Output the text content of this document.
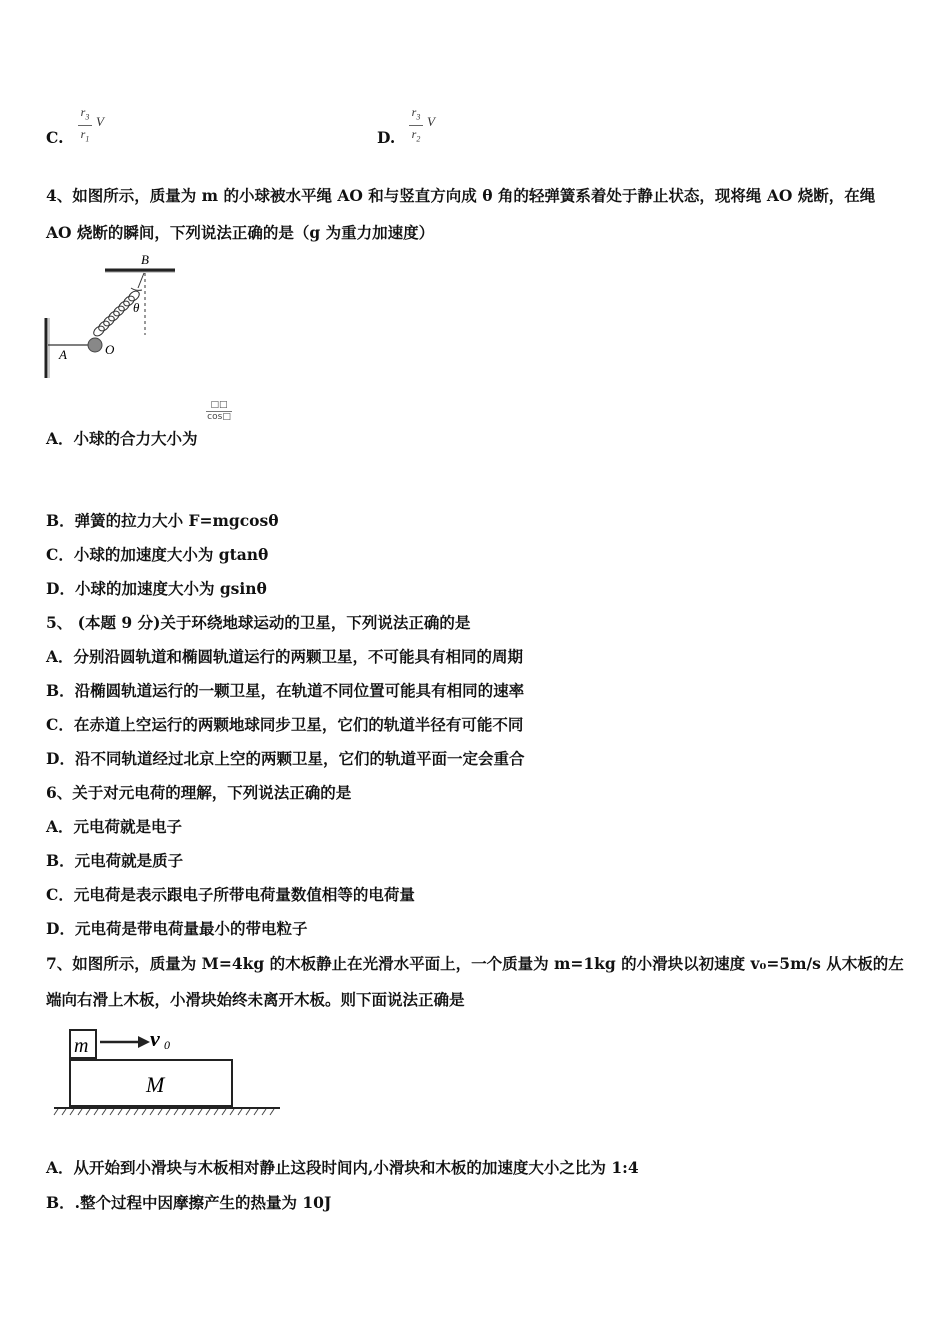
C.
$r_3$
$r_1$
V
D.
$r_3$
$r_2$
V
4、如图所示，质量为 m 的小球被水平绳 AO 和与竖直方向成 θ 角的轻弹簧系着处于静止状态，现将绳 AO 烧断，在绳
AO 烧断的瞬间，下列说法正确的是（g 为重力加速度）
B
θ
A	O
A．小球的合力大小为
□□
cos□
B．弹簧的拉力大小 F=mgcosθ
C．小球的加速度大小为 gtanθ
D．小球的加速度大小为 gsinθ
5、 (本题 9 分)关于环绕地球运动的卫星，下列说法正确的是
A．分别沿圆轨道和椭圆轨道运行的两颗卫星，不可能具有相同的周期
B．沿椭圆轨道运行的一颗卫星，在轨道不同位置可能具有相同的速率
C．在赤道上空运行的两颗地球同步卫星，它们的轨道半径有可能不同
D．沿不同轨道经过北京上空的两颗卫星，它们的轨道平面一定会重合
6、关于对元电荷的理解，下列说法正确的是
A．元电荷就是电子
B．元电荷就是质子
C．元电荷是表示跟电子所带电荷量数值相等的电荷量
D．元电荷是带电荷量最小的带电粒子
7、如图所示，质量为 M=4kg 的木板静止在光滑水平面上，一个质量为 m=1kg 的小滑块以初速度 v₀=5m/s 从木板的左
端向右滑上木板，小滑块始终未离开木板。则下面说法正确是
m	v 0
M
A．从开始到小滑块与木板相对静止这段时间内,小滑块和木板的加速度大小之比为 1:4
B．.整个过程中因摩擦产生的热量为 10J
